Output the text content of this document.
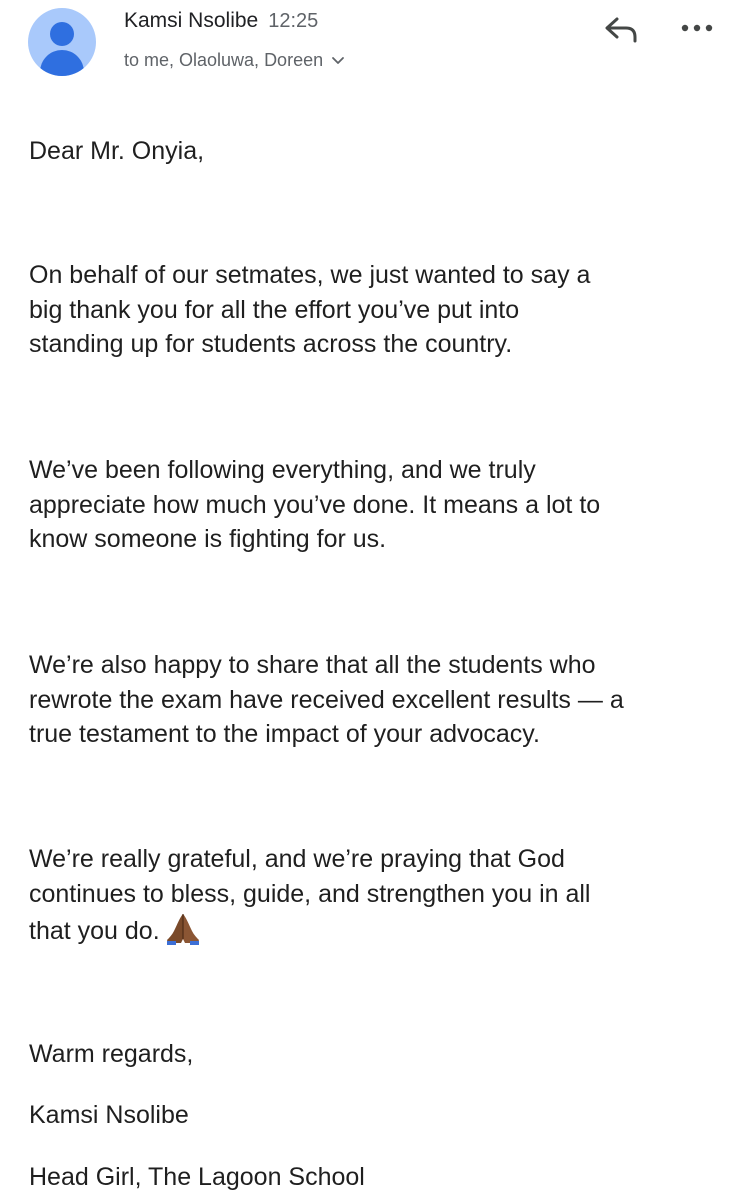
Kamsi Nsolibe 12:25
to me, Olaoluwa, Doreen

Dear Mr. Onyia,

On behalf of our setmates, we just wanted to say a
big thank you for all the effort you’ve put into
standing up for students across the country.

We’ve been following everything, and we truly
appreciate how much you’ve done. It means a lot to
know someone is fighting for us.

We’re also happy to share that all the students who
rewrote the exam have received excellent results — a
true testament to the impact of your advocacy.

We’re really grateful, and we’re praying that God
continues to bless, guide, and strengthen you in all
that you do.

Warm regards,

Kamsi Nsolibe

Head Girl, The Lagoon School
